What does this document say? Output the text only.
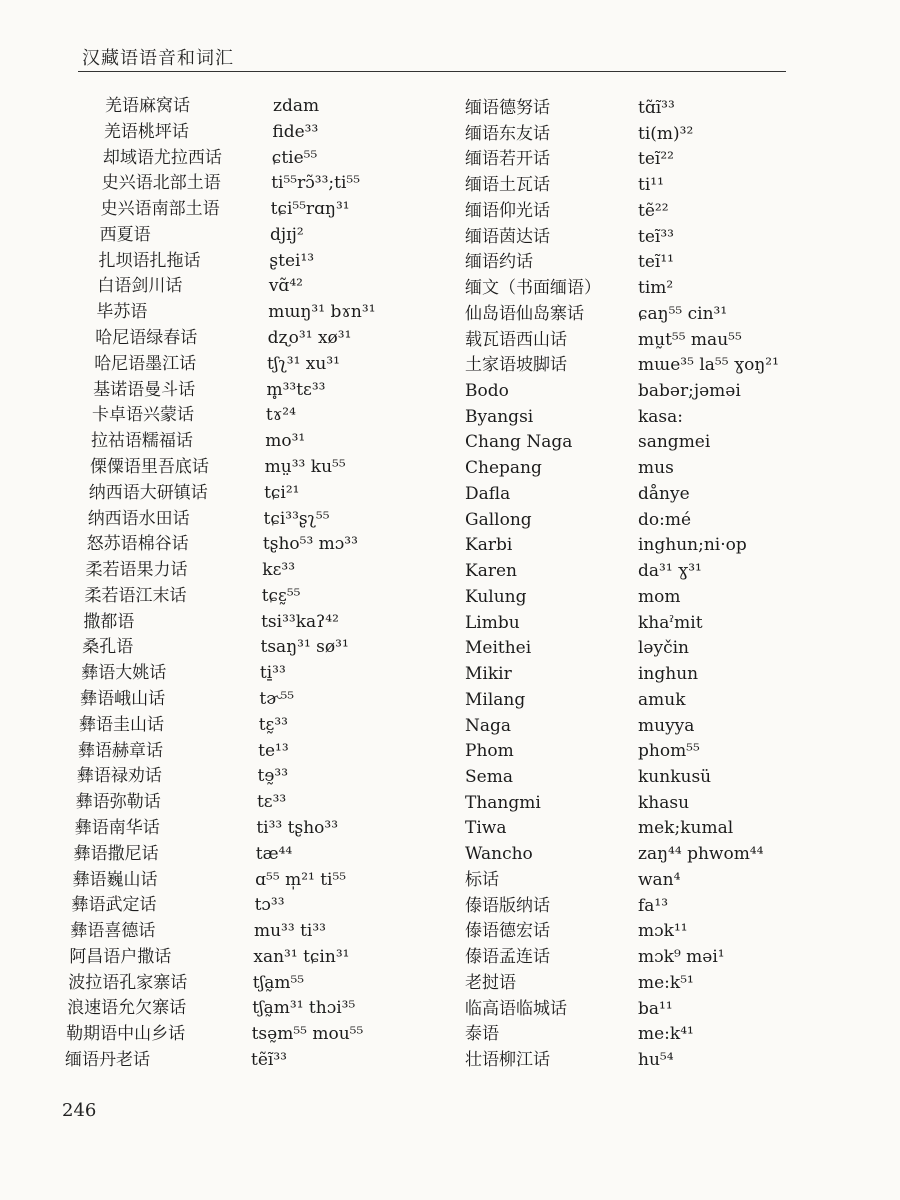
汉藏语语音和词汇
羌语麻窝话	zdam
羌语桃坪话	fide³³
却域语尤拉西话	ɕtie⁵⁵
史兴语北部土语	ti⁵⁵rɔ̃³³;ti⁵⁵
史兴语南部土语	tɕi⁵⁵rɑŋ³¹
西夏语	djɪj²
扎坝语扎拖话	ʂtei¹³
白语剑川话	vɑ̃⁴²
毕苏语	mɯŋ³¹ bɤn³¹
哈尼语绿春话	dʐo³¹ xø³¹
哈尼语墨江话	tʃʅ³¹ xu³¹
基诺语曼斗话	m̥³³tɛ³³
卡卓语兴蒙话	tɤ²⁴
拉祜语糯福话	mo³¹
傈僳语里吾底话	mṳ³³ ku⁵⁵
纳西语大研镇话	tɕi²¹
纳西语水田话	tɕi³³ʂʅ⁵⁵
怒苏语棉谷话	tʂho⁵³ mɔ³³
柔若语果力话	kɛ³³
柔若语江末话	tɕɛ̰⁵⁵
撒都语	tsi³³kaʔ⁴²
桑孔语	tsaŋ³¹ sø³¹
彝语大姚话	ti̱³³
彝语峨山话	tɚ⁵⁵
彝语圭山话	tɛ̰³³
彝语赫章话	te¹³
彝语禄劝话	tɘ̰³³
彝语弥勒话	tɛ³³
彝语南华话	ti³³ tʂho³³
彝语撒尼话	tæ⁴⁴
彝语巍山话	ɑ⁵⁵ m̩²¹ ti⁵⁵
彝语武定话	tɔ³³
彝语喜德话	mu³³ ti³³
阿昌语户撒话	xan³¹ tɕin³¹
波拉语孔家寨话	tʃa̰m⁵⁵
浪速语允欠寨话	tʃa̰m³¹ thɔi³⁵
勒期语中山乡话	tsə̰m⁵⁵ mou⁵⁵
缅语丹老话	tẽĩ³³
缅语德努话	tɑ̃ĩ³³
缅语东友话	ti(m)³²
缅语若开话	teĩ²²
缅语土瓦话	ti¹¹
缅语仰光话	tẽ²²
缅语茵达话	teĩ³³
缅语约话	teĩ¹¹
缅文（书面缅语） tim²
仙岛语仙岛寨话	ɕaŋ⁵⁵ cin³¹
载瓦语西山话	mṵt⁵⁵ mau⁵⁵
土家语坡脚话	mɯe³⁵ la⁵⁵ ɣoŋ²¹
Bodo	babər;jəməi
Byangsi	kasa:
Chang Naga	sangmei
Chepang	mus
Dafla	dånye
Gallong	do:mé
Karbi	inghun;ni·op
Karen	da³¹ ɣ³¹
Kulung	mom
Limbu	khaˀmit
Meithei	ləyčin
Mikir	inghun
Milang	amuk
Naga	muyya
Phom	phom⁵⁵
Sema	kunkusü
Thangmi	khasu
Tiwa	mek;kumal
Wancho	zaŋ⁴⁴ phwom⁴⁴
标话	wan⁴
傣语版纳话	fa¹³
傣语德宏话	mɔk¹¹
傣语孟连话	mɔk⁹ məi¹
老挝语	me:k⁵¹
临高语临城话	ba¹¹
泰语	me:k⁴¹
壮语柳江话	hu⁵⁴
246
